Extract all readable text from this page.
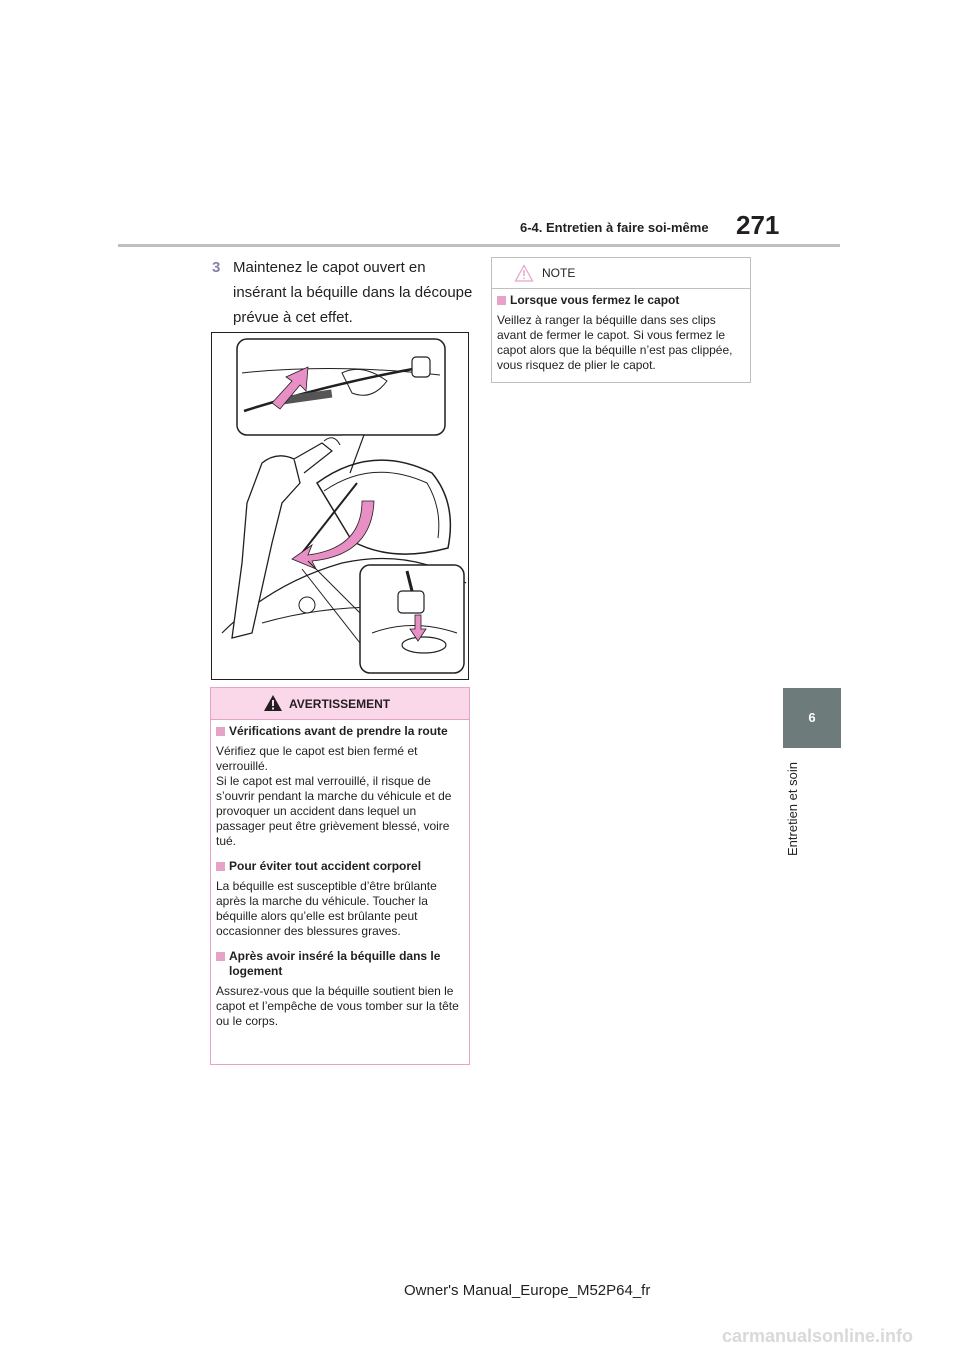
6-4. Entretien à faire soi-même 271
6
Entretien et soin
3 Maintenez le capot ouvert en insérant la béquille dans la découpe prévue à cet effet.
AVERTISSEMENT
Vérifications avant de prendre la route

Vérifiez que le capot est bien fermé et verrouillé.

Si le capot est mal verrouillé, il risque de s’ouvrir pendant la marche du véhicule et de provoquer un accident dans lequel un passager peut être grièvement blessé, voire tué.

Pour éviter tout accident corporel

La béquille est susceptible d’être brûlante après la marche du véhicule. Toucher la béquille alors qu’elle est brûlante peut occasionner des blessures graves.

Après avoir inséré la béquille dans le logement

Assurez-vous que la béquille soutient bien le capot et l’empêche de vous tomber sur la tête ou le corps.

NOTE
Lorsque vous fermez le capot

Veillez à ranger la béquille dans ses clips avant de fermer le capot. Si vous fermez le capot alors que la béquille n’est pas clippée, vous risquez de plier le capot.

Owner's Manual_Europe_M52P64_fr
carmanualsonline.info
